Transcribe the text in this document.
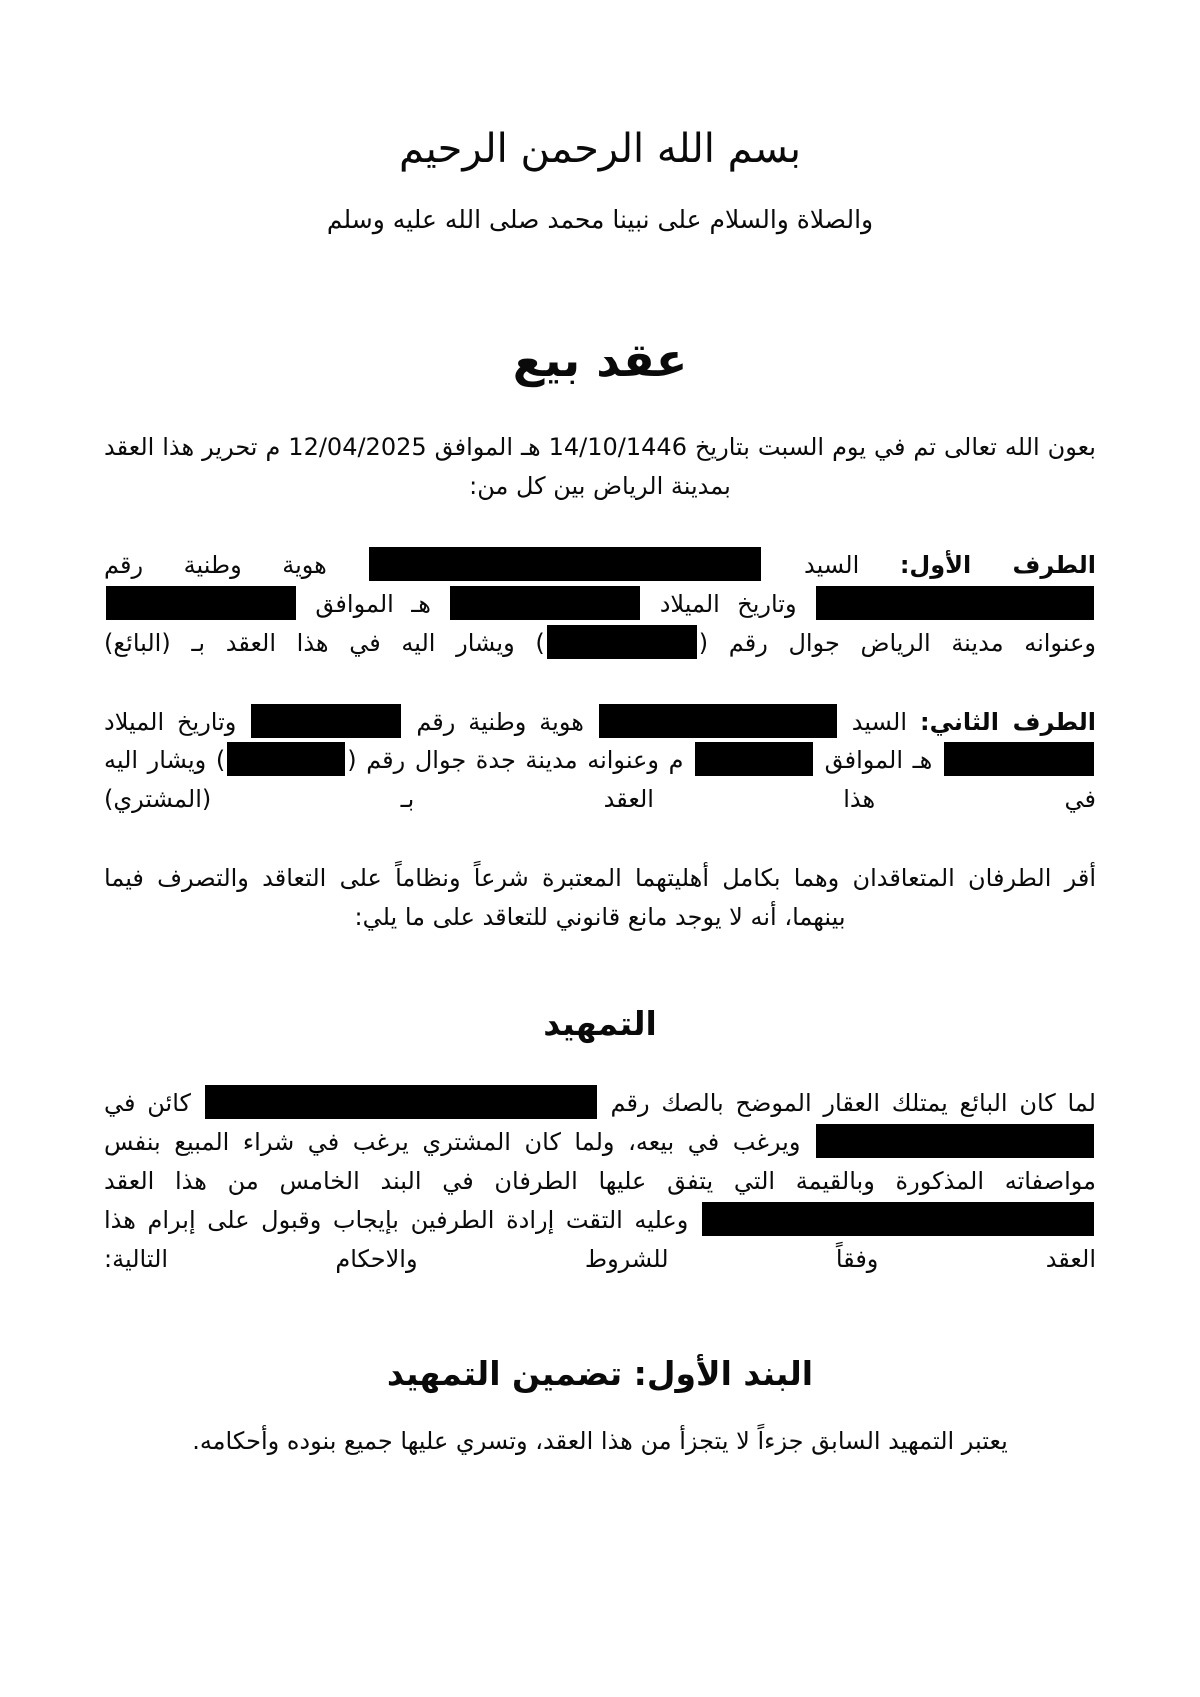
بسم الله الرحمن الرحيم
والصلاة والسلام على نبينا محمد صلى الله عليه وسلم
عقد بيع

بعون الله تعالى تم في يوم السبت بتاريخ 14/10/1446 هـ الموافق 12/04/2025 م تحرير هذا العقد بمدينة الرياض بين كل من:

الطرف الأول: السيد  هوية وطنية رقم  وتاريخ الميلاد  هـ الموافق  وعنوانه مدينة الرياض جوال رقم () ويشار اليه في هذا العقد بـ (البائع)

الطرف الثاني: السيد  هوية وطنية رقم  وتاريخ الميلاد  هـ الموافق  م وعنوانه مدينة جدة جوال رقم () ويشار اليه في هذا العقد بـ (المشتري)

أقر الطرفان المتعاقدان وهما بكامل أهليتهما المعتبرة شرعاً ونظاماً على التعاقد والتصرف فيما بينهما، أنه لا يوجد مانع قانوني للتعاقد على ما يلي:

التمهيد

لما كان البائع يمتلك العقار الموضح بالصك رقم  كائن في  ويرغب في بيعه، ولما كان المشتري يرغب في شراء المبيع بنفس مواصفاته المذكورة وبالقيمة التي يتفق عليها الطرفان في البند الخامس من هذا العقد  وعليه التقت إرادة الطرفين بإيجاب وقبول على إبرام هذا العقد وفقاً للشروط والاحكام التالية:

البند الأول: تضمين التمهيد

يعتبر التمهيد السابق جزءاً لا يتجزأ من هذا العقد، وتسري عليها جميع بنوده وأحكامه.
